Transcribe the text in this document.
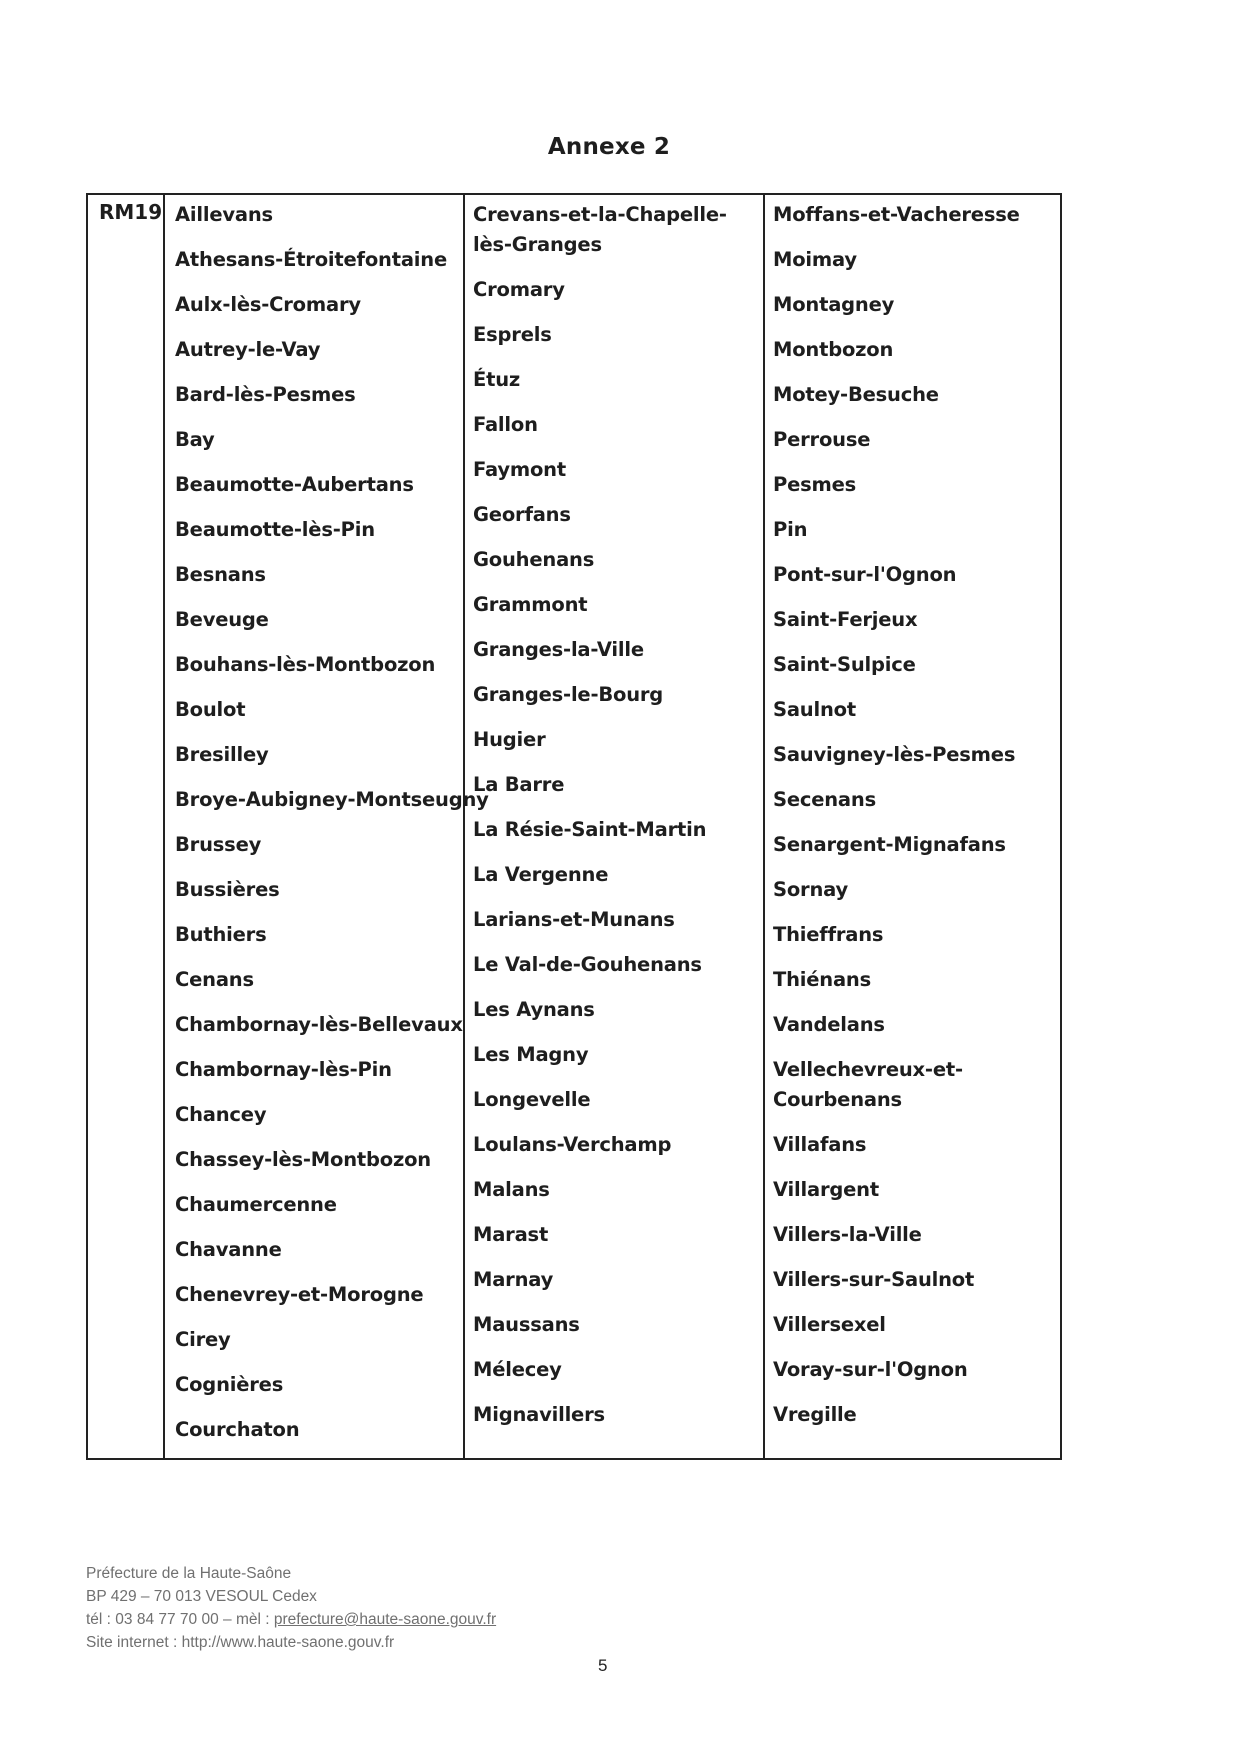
Annexe 2
RM19 Aillevans
Athesans-Étroitefontaine
Aulx-lès-Cromary
Autrey-le-Vay
Bard-lès-Pesmes
Bay
Beaumotte-Aubertans
Beaumotte-lès-Pin
Besnans
Beveuge
Bouhans-lès-Montbozon
Boulot
Bresilley
Broye-Aubigney-Montseugny
Brussey
Bussières
Buthiers
Cenans
Chambornay-lès-Bellevaux
Chambornay-lès-Pin
Chancey
Chassey-lès-Montbozon
Chaumercenne
Chavanne
Chenevrey-et-Morogne
Cirey
Cognières
Courchaton
Crevans-et-la-Chapelle-lès-Granges
Cromary
Esprels
Étuz
Fallon
Faymont
Georfans
Gouhenans
Grammont
Granges-la-Ville
Granges-le-Bourg
Hugier
La Barre
La Résie-Saint-Martin
La Vergenne
Larians-et-Munans
Le Val-de-Gouhenans
Les Aynans
Les Magny
Longevelle
Loulans-Verchamp
Malans
Marast
Marnay
Maussans
Mélecey
Mignavillers
Moffans-et-Vacheresse
Moimay
Montagney
Montbozon
Motey-Besuche
Perrouse
Pesmes
Pin
Pont-sur-l'Ognon
Saint-Ferjeux
Saint-Sulpice
Saulnot
Sauvigney-lès-Pesmes
Secenans
Senargent-Mignafans
Sornay
Thieffrans
Thiénans
Vandelans
Vellechevreux-et-Courbenans
Villafans
Villargent
Villers-la-Ville
Villers-sur-Saulnot
Villersexel
Voray-sur-l'Ognon
Vregille
Préfecture de la Haute-Saône
BP 429 – 70 013 VESOUL Cedex
tél : 03 84 77 70 00 – mèl : prefecture@haute-saone.gouv.fr
Site internet : http://www.haute-saone.gouv.fr
5
